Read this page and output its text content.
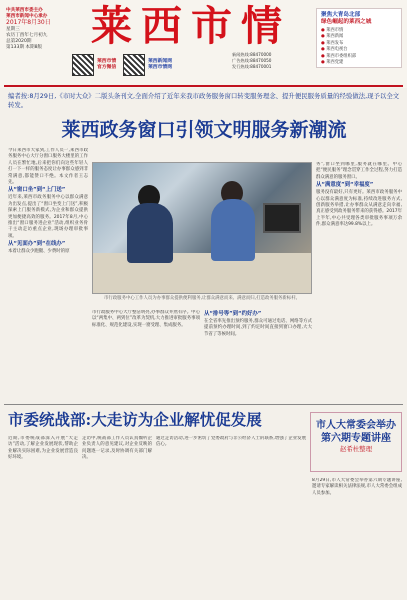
中共莱西市委主办
莱西市新闻中心承办
2017年8月30日
星期三
农历丁酉年七月初九
总第2020期
第133期 本期8版	莱西市情
莱西市情
官方微信
莱西新闻网
莱西市情网
新闻热线:88470000
广告热线:88470050
发行热线:88470001
聚焦大青岛北部
绿色崛起的莱西之城
● 莱西市情
● 莱西新闻
● 莱西发布
● 莱西电视台
● 莱西市委组织部
● 莱西党建
编者按:8月29日,《市时大众》二版头条刊文,全面介绍了近年来我市政务服务窗口转变服务理念、提升便民服务质量的经验做法,现予以全文转发。
莱西政务窗口引领文明服务新潮流

今日莱西市大家到,工作人员一,莱西市政务服务中心大厅分窗口服务大楼里的工作人员在繁忙地,后来把你们向这些年轻人打一下一样的服务态度让办事群众感到非常满意,都能赞口不绝。本文作者王志先。

从“窗口坐”到“上门送”

近年来,莱西市政务服务中心以群众满意为出发点,提出了“窗口坐变上门送”,积极探索上门服务新模式,为企业和群众提供更加便捷高效的服务。2017年8月,中心推出“窗口服务进企业”活动,组织业务骨干主动走访重点企业,现场办理审批事项。

从“见面办”到“在线办”

本着让群众少跑腿、少费时的原

市行政服务中心工作人员为办事群众提供便利服务,让群众满意而来、满意而归,打造政务服务新标杆。

市行政服务中心大厅整洁明亮,办事群众井然有序。中心以“两集中、两到位”改革为契机,大力推进审批服务事项标准化、规范化建设,实现一窗受理、集成服务。

从“排号等”到“约好办”

在全省率先推出预约服务,群众可通过电话、网络等方式提前预约办理时间,到了约定时间直接到窗口办理,大大节省了等候时间。

务”,窗口坐到哪里,服务就在哪里。中心把“便民服务”理念贯穿工作全过程,努力打造群众满意的服务窗口。

从“满意度”到“幸福度”

服务没有最好,只有更好。莱西市政务服务中心以群众满意度为标准,持续改进服务方式,创新服务举措,让办事群众从满意走向幸福,真正感受到政务服务带来的获得感。2017年上半年,中心共受理各类审批服务事项万余件,群众满意率达99.8%以上。

市委统战部:大走访为企业解忧促发展	市人大常委会举办
第六期专题讲座
赵希杜整理

近期,市委统战部深入开展“大走访”活动,了解企业发展现状,帮助企业解决实际困难,为企业发展营造良好环境。

走访中,统战部工作人员认真倾听企业负责人的意见建议,对企业反映的问题逐一记录,及时协调有关部门解决。

通过走访活动,进一步密切了党委政府与非公经济人士的联系,增强了企业发展信心。

8月29日,市人大常委会举办第六期专题讲座,邀请专家解读相关法律法规,市人大常委会组成人员参加。
